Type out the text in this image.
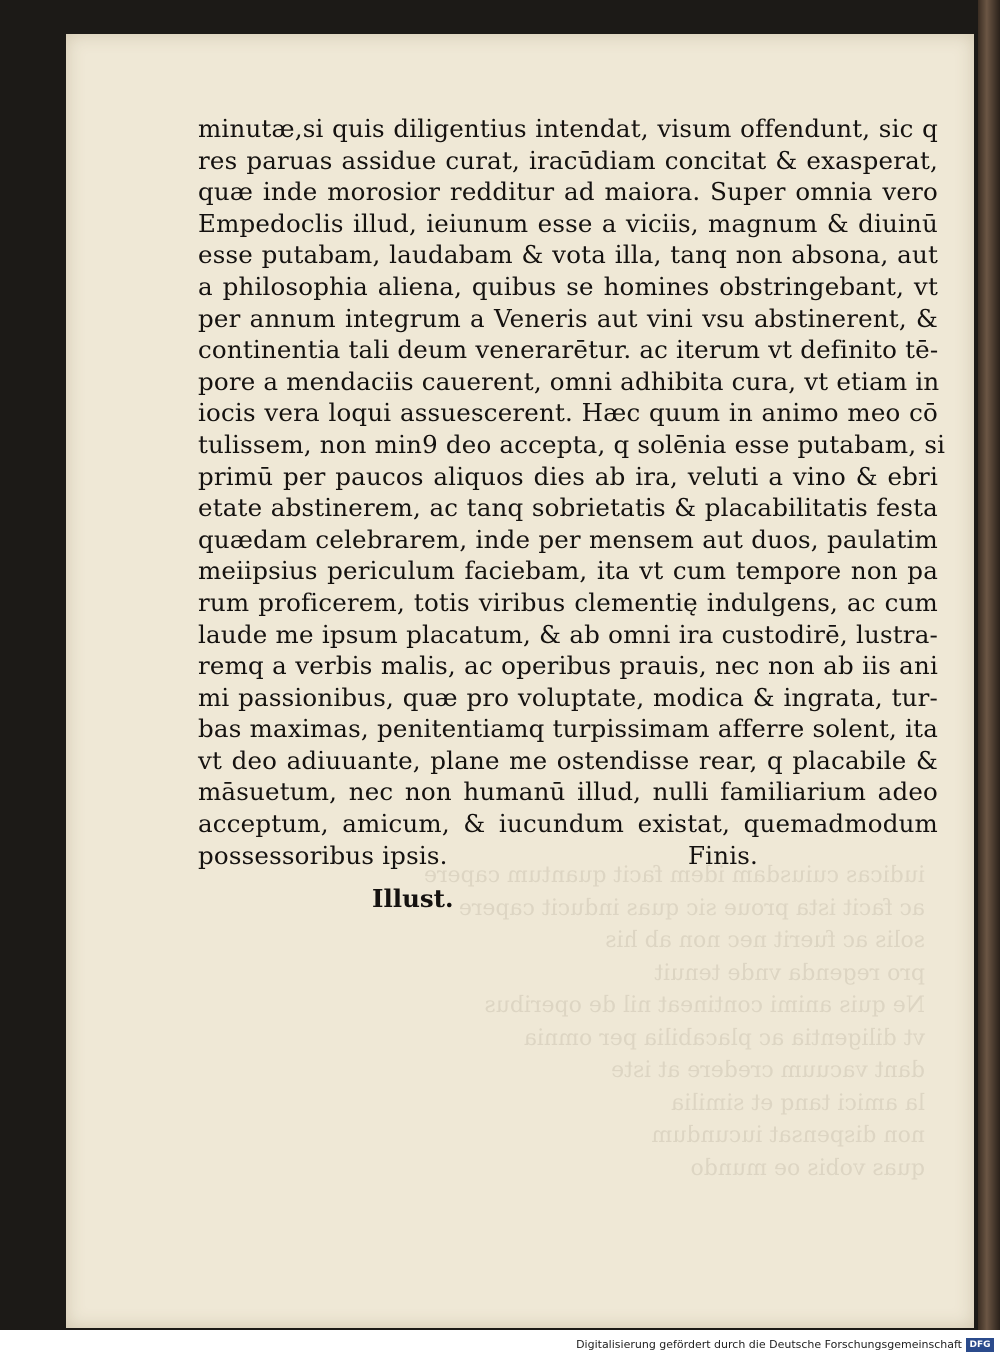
iudicas cuiusdam idem facit quantum capere
ac facit ista proue sic quas inducit capere
solis ac fuerit nec non ab his
pro regenda vnde tenuit
Ne quis animi contineat nil de operibus
vt diligentia ac placabilia per omnia
dant vacuum credere at iste
la amici tanq et similia
non dispensat iucundum
quas vobis oe mundo
minutæ,si quis diligentius intendat, visum offendunt, sic q
res paruas assidue curat, iracūdiam concitat & exasperat,
quæ inde morosior redditur ad maiora. Super omnia vero
Empedoclis illud, ieiunum esse a viciis, magnum & diuinū
esse putabam, laudabam & vota illa, tanq non absona, aut
a philosophia aliena, quibus se homines obstringebant, vt
per annum integrum a Veneris aut vini vsu abstinerent, &
continentia tali deum venerarētur. ac iterum vt definito tē-
pore a mendaciis cauerent, omni adhibita cura, vt etiam in
iocis vera loqui assuescerent. Hæc quum in animo meo cō
tulissem, non min9 deo accepta, q solēnia esse putabam, si
primū per paucos aliquos dies ab ira, veluti a vino & ebri
etate abstinerem, ac tanq sobrietatis & placabilitatis festa
quædam celebrarem, inde per mensem aut duos, paulatim
meiipsius periculum faciebam, ita vt cum tempore non pa
rum proficerem, totis viribus clementię indulgens, ac cum
laude me ipsum placatum, & ab omni ira custodirē, lustra-
remq a verbis malis, ac operibus prauis, nec non ab iis ani
mi passionibus, quæ pro voluptate, modica & ingrata, tur-
bas maximas, penitentiamq turpissimam afferre solent, ita
vt deo adiuuante, plane me ostendisse rear, q placabile &
māsuetum, nec non humanū illud, nulli familiarium adeo
acceptum, amicum, & iucundum existat, quemadmodum
possessoribus ipsis.	Finis.
Illust.
Digitalisierung gefördert durch die Deutsche Forschungsgemeinschaft DFG
